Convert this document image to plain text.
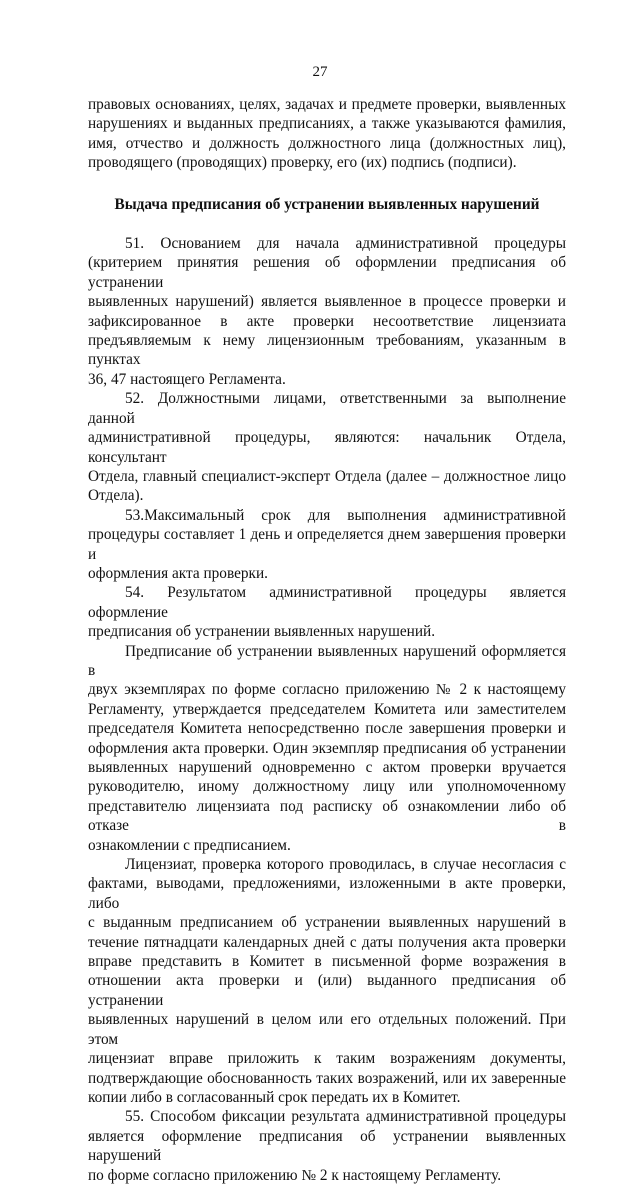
27
правовых основаниях, целях, задачах и предмете проверки, выявленных
нарушениях и выданных предписаниях, а также указываются фамилия,
имя, отчество и должность должностного лица (должностных лиц),
проводящего (проводящих) проверку, его (их) подпись (подписи).
Выдача предписания об устранении выявленных нарушений
51. Основанием для начала административной процедуры
(критерием принятия решения об оформлении предписания об устранении
выявленных нарушений) является выявленное в процессе проверки и
зафиксированное в акте проверки несоответствие лицензиата
предъявляемым к нему лицензионным требованиям, указанным в пунктах
36, 47 настоящего Регламента.
52. Должностными лицами, ответственными за выполнение данной
административной процедуры, являются: начальник Отдела, консультант
Отдела, главный специалист-эксперт Отдела (далее – должностное лицо
Отдела).
53.Максимальный срок для выполнения административной
процедуры составляет 1 день и определяется днем завершения проверки и
оформления акта проверки.
54. Результатом административной процедуры является оформление
предписания об устранении выявленных нарушений.
Предписание об устранении выявленных нарушений оформляется в
двух экземплярах по форме согласно приложению № 2 к настоящему
Регламенту, утверждается председателем Комитета или заместителем
председателя Комитета непосредственно после завершения проверки и
оформления акта проверки. Один экземпляр предписания об устранении
выявленных нарушений одновременно с актом проверки вручается
руководителю, иному должностному лицу или уполномоченному
представителю лицензиата под расписку об ознакомлении либо об отказе в
ознакомлении с предписанием.
Лицензиат, проверка которого проводилась, в случае несогласия с
фактами, выводами, предложениями, изложенными в акте проверки, либо
с выданным предписанием об устранении выявленных нарушений в
течение пятнадцати календарных дней с даты получения акта проверки
вправе представить в Комитет в письменной форме возражения в
отношении акта проверки и (или) выданного предписания об устранении
выявленных нарушений в целом или его отдельных положений. При этом
лицензиат вправе приложить к таким возражениям документы,
подтверждающие обоснованность таких возражений, или их заверенные
копии либо в согласованный срок передать их в Комитет.
55. Способом фиксации результата административной процедуры
является оформление предписания об устранении выявленных нарушений
по форме согласно приложению № 2 к настоящему Регламенту.
